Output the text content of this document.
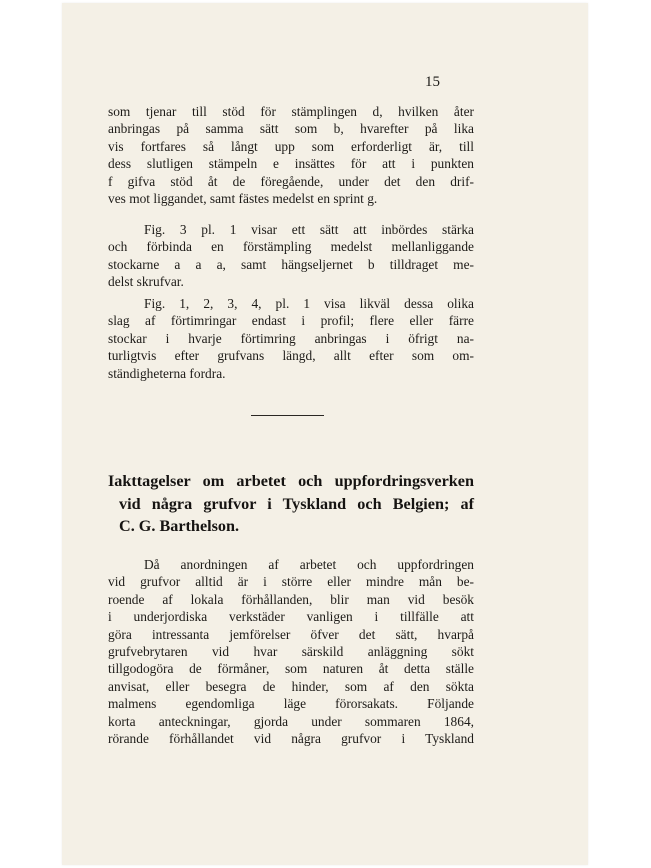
15
som tjenar till stöd för stämplingen d, hvilken åter
anbringas på samma sätt som b, hvarefter på lika
vis fortfares så långt upp som erforderligt är, till
dess slutligen stämpeln e insättes för att i punkten
f gifva stöd åt de föregående, under det den drif-
ves mot liggandet, samt fästes medelst en sprint g.
Fig. 3 pl. 1 visar ett sätt att inbördes stärka
och förbinda en förstämpling medelst mellanliggande
stockarne a a a, samt hängseljernet b tilldraget me-
delst skrufvar.
Fig. 1, 2, 3, 4, pl. 1 visa likväl dessa olika
slag af förtimringar endast i profil; flere eller färre
stockar i hvarje förtimring anbringas i öfrigt na-
turligtvis efter grufvans längd, allt efter som om-
ständigheterna fordra.
Iakttagelser om arbetet och uppfordringsverken
vid några grufvor i Tyskland och Belgien; af
C. G. Barthelson.
Då anordningen af arbetet och uppfordringen
vid grufvor alltid är i större eller mindre mån be-
roende af lokala förhållanden, blir man vid besök
i underjordiska verkstäder vanligen i tillfälle att
göra intressanta jemförelser öfver det sätt, hvarpå
grufvebrytaren vid hvar särskild anläggning sökt
tillgodogöra de förmåner, som naturen åt detta ställe
anvisat, eller besegra de hinder, som af den sökta
malmens egendomliga läge förorsakats. Följande
korta anteckningar, gjorda under sommaren 1864,
rörande förhållandet vid några grufvor i Tyskland
